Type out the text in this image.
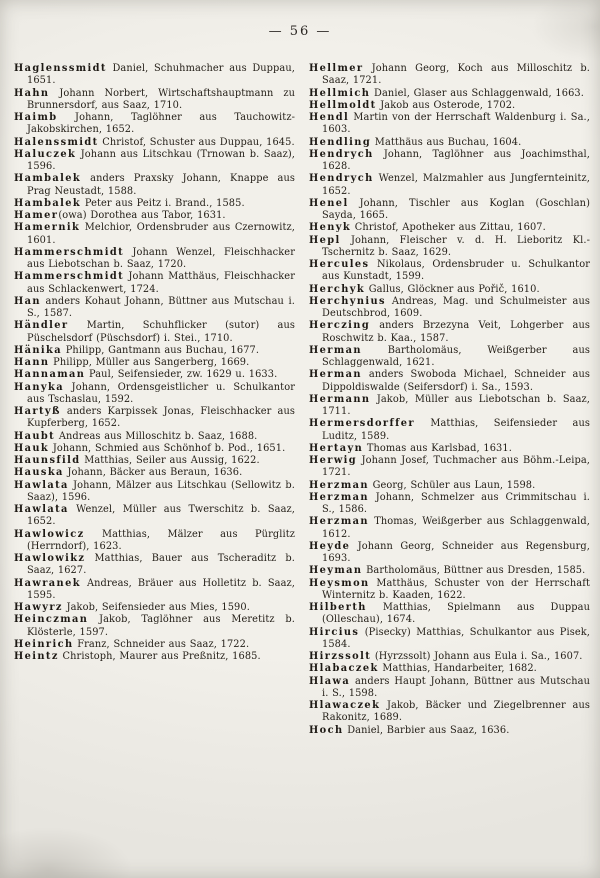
— 56 —
Haglenssmidt Daniel, Schuhmacher aus Duppau, 1651.
Hahn Johann Norbert, Wirtschaftshauptmann zu Brunnersdorf, aus Saaz, 1710.
Haimb Johann, Taglöhner aus Tauchowitz-Jakobskirchen, 1652.
Halenssmidt Christof, Schuster aus Duppau, 1645.
Haluczek Johann aus Litschkau (Trnowan b. Saaz), 1596.
Hambalek anders Praxsky Johann, Knappe aus Prag Neustadt, 1588.
Hambalek Peter aus Peitz i. Brand., 1585.
Hamer(owa) Dorothea aus Tabor, 1631.
Hamernik Melchior, Ordensbruder aus Czernowitz, 1601.
Hammerschmidt Johann Wenzel, Fleischhacker aus Liebotschan b. Saaz, 1720.
Hammerschmidt Johann Matthäus, Fleischhacker aus Schlackenwert, 1724.
Han anders Kohaut Johann, Büttner aus Mutschau i. S., 1587.
Händler Martin, Schuhflicker (sutor) aus Püschelsdorf (Püschsdorf) i. Stei., 1710.
Hänika Philipp, Gantmann aus Buchau, 1677.
Hann Philipp, Müller aus Sangerberg, 1669.
Hannaman Paul, Seifensieder, zw. 1629 u. 1633.
Hanyka Johann, Ordensgeistlicher u. Schulkantor aus Tschaslau, 1592.
Hartyß anders Karpissek Jonas, Fleischhacker aus Kupferberg, 1652.
Haubt Andreas aus Milloschitz b. Saaz, 1688.
Hauk Johann, Schmied aus Schönhof b. Pod., 1651.
Haunsfild Matthias, Seiler aus Aussig, 1622.
Hauska Johann, Bäcker aus Beraun, 1636.
Hawlata Johann, Mälzer aus Litschkau (Sellowitz b. Saaz), 1596.
Hawlata Wenzel, Müller aus Twerschitz b. Saaz, 1652.
Hawlowicz Matthias, Mälzer aus Pürglitz (Herrndorf), 1623.
Hawlowikz Matthias, Bauer aus Tscheraditz b. Saaz, 1627.
Hawranek Andreas, Bräuer aus Holletitz b. Saaz, 1595.
Hawyrz Jakob, Seifensieder aus Mies, 1590.
Heinczman Jakob, Taglöhner aus Meretitz b. Klösterle, 1597.
Heinrich Franz, Schneider aus Saaz, 1722.
Heintz Christoph, Maurer aus Preßnitz, 1685.
Hellmer Johann Georg, Koch aus Milloschitz b. Saaz, 1721.
Hellmich Daniel, Glaser aus Schlaggenwald, 1663.
Hellmoldt Jakob aus Osterode, 1702.
Hendl Martin von der Herrschaft Waldenburg i. Sa., 1603.
Hendling Matthäus aus Buchau, 1604.
Hendrych Johann, Taglöhner aus Joachimsthal, 1628.
Hendrych Wenzel, Malzmahler aus Jungfernteinitz, 1652.
Henel Johann, Tischler aus Koglan (Goschlan) Sayda, 1665.
Henyk Christof, Apotheker aus Zittau, 1607.
Hepl Johann, Fleischer v. d. H. Lieboritz Kl.-Tschernitz b. Saaz, 1629.
Hercules Nikolaus, Ordensbruder u. Schulkantor aus Kunstadt, 1599.
Herchyk Gallus, Glöckner aus Pořič, 1610.
Herchynius Andreas, Mag. und Schulmeister aus Deutschbrod, 1609.
Herczing anders Brzezyna Veit, Lohgerber aus Roschwitz b. Kaa., 1587.
Herman Bartholomäus, Weißgerber aus Schlaggenwald, 1621.
Herman anders Swoboda Michael, Schneider aus Dippoldiswalde (Seifersdorf) i. Sa., 1593.
Hermann Jakob, Müller aus Liebotschan b. Saaz, 1711.
Hermersdorffer Matthias, Seifensieder aus Luditz, 1589.
Hertayn Thomas aus Karlsbad, 1631.
Herwig Johann Josef, Tuchmacher aus Böhm.-Leipa, 1721.
Herzman Georg, Schüler aus Laun, 1598.
Herzman Johann, Schmelzer aus Crimmitschau i. S., 1586.
Herzman Thomas, Weißgerber aus Schlaggenwald, 1612.
Heyde Johann Georg, Schneider aus Regensburg, 1693.
Heyman Bartholomäus, Büttner aus Dresden, 1585.
Heysmon Matthäus, Schuster von der Herrschaft Winternitz b. Kaaden, 1622.
Hilberth Matthias, Spielmann aus Duppau (Olleschau), 1674.
Hircius (Pisecky) Matthias, Schulkantor aus Pisek, 1584.
Hirzssolt (Hyrzssolt) Johann aus Eula i. Sa., 1607.
Hlabaczek Matthias, Handarbeiter, 1682.
Hlawa anders Haupt Johann, Büttner aus Mutschau i. S., 1598.
Hlawaczek Jakob, Bäcker und Ziegelbrenner aus Rakonitz, 1689.
Hoch Daniel, Barbier aus Saaz, 1636.
